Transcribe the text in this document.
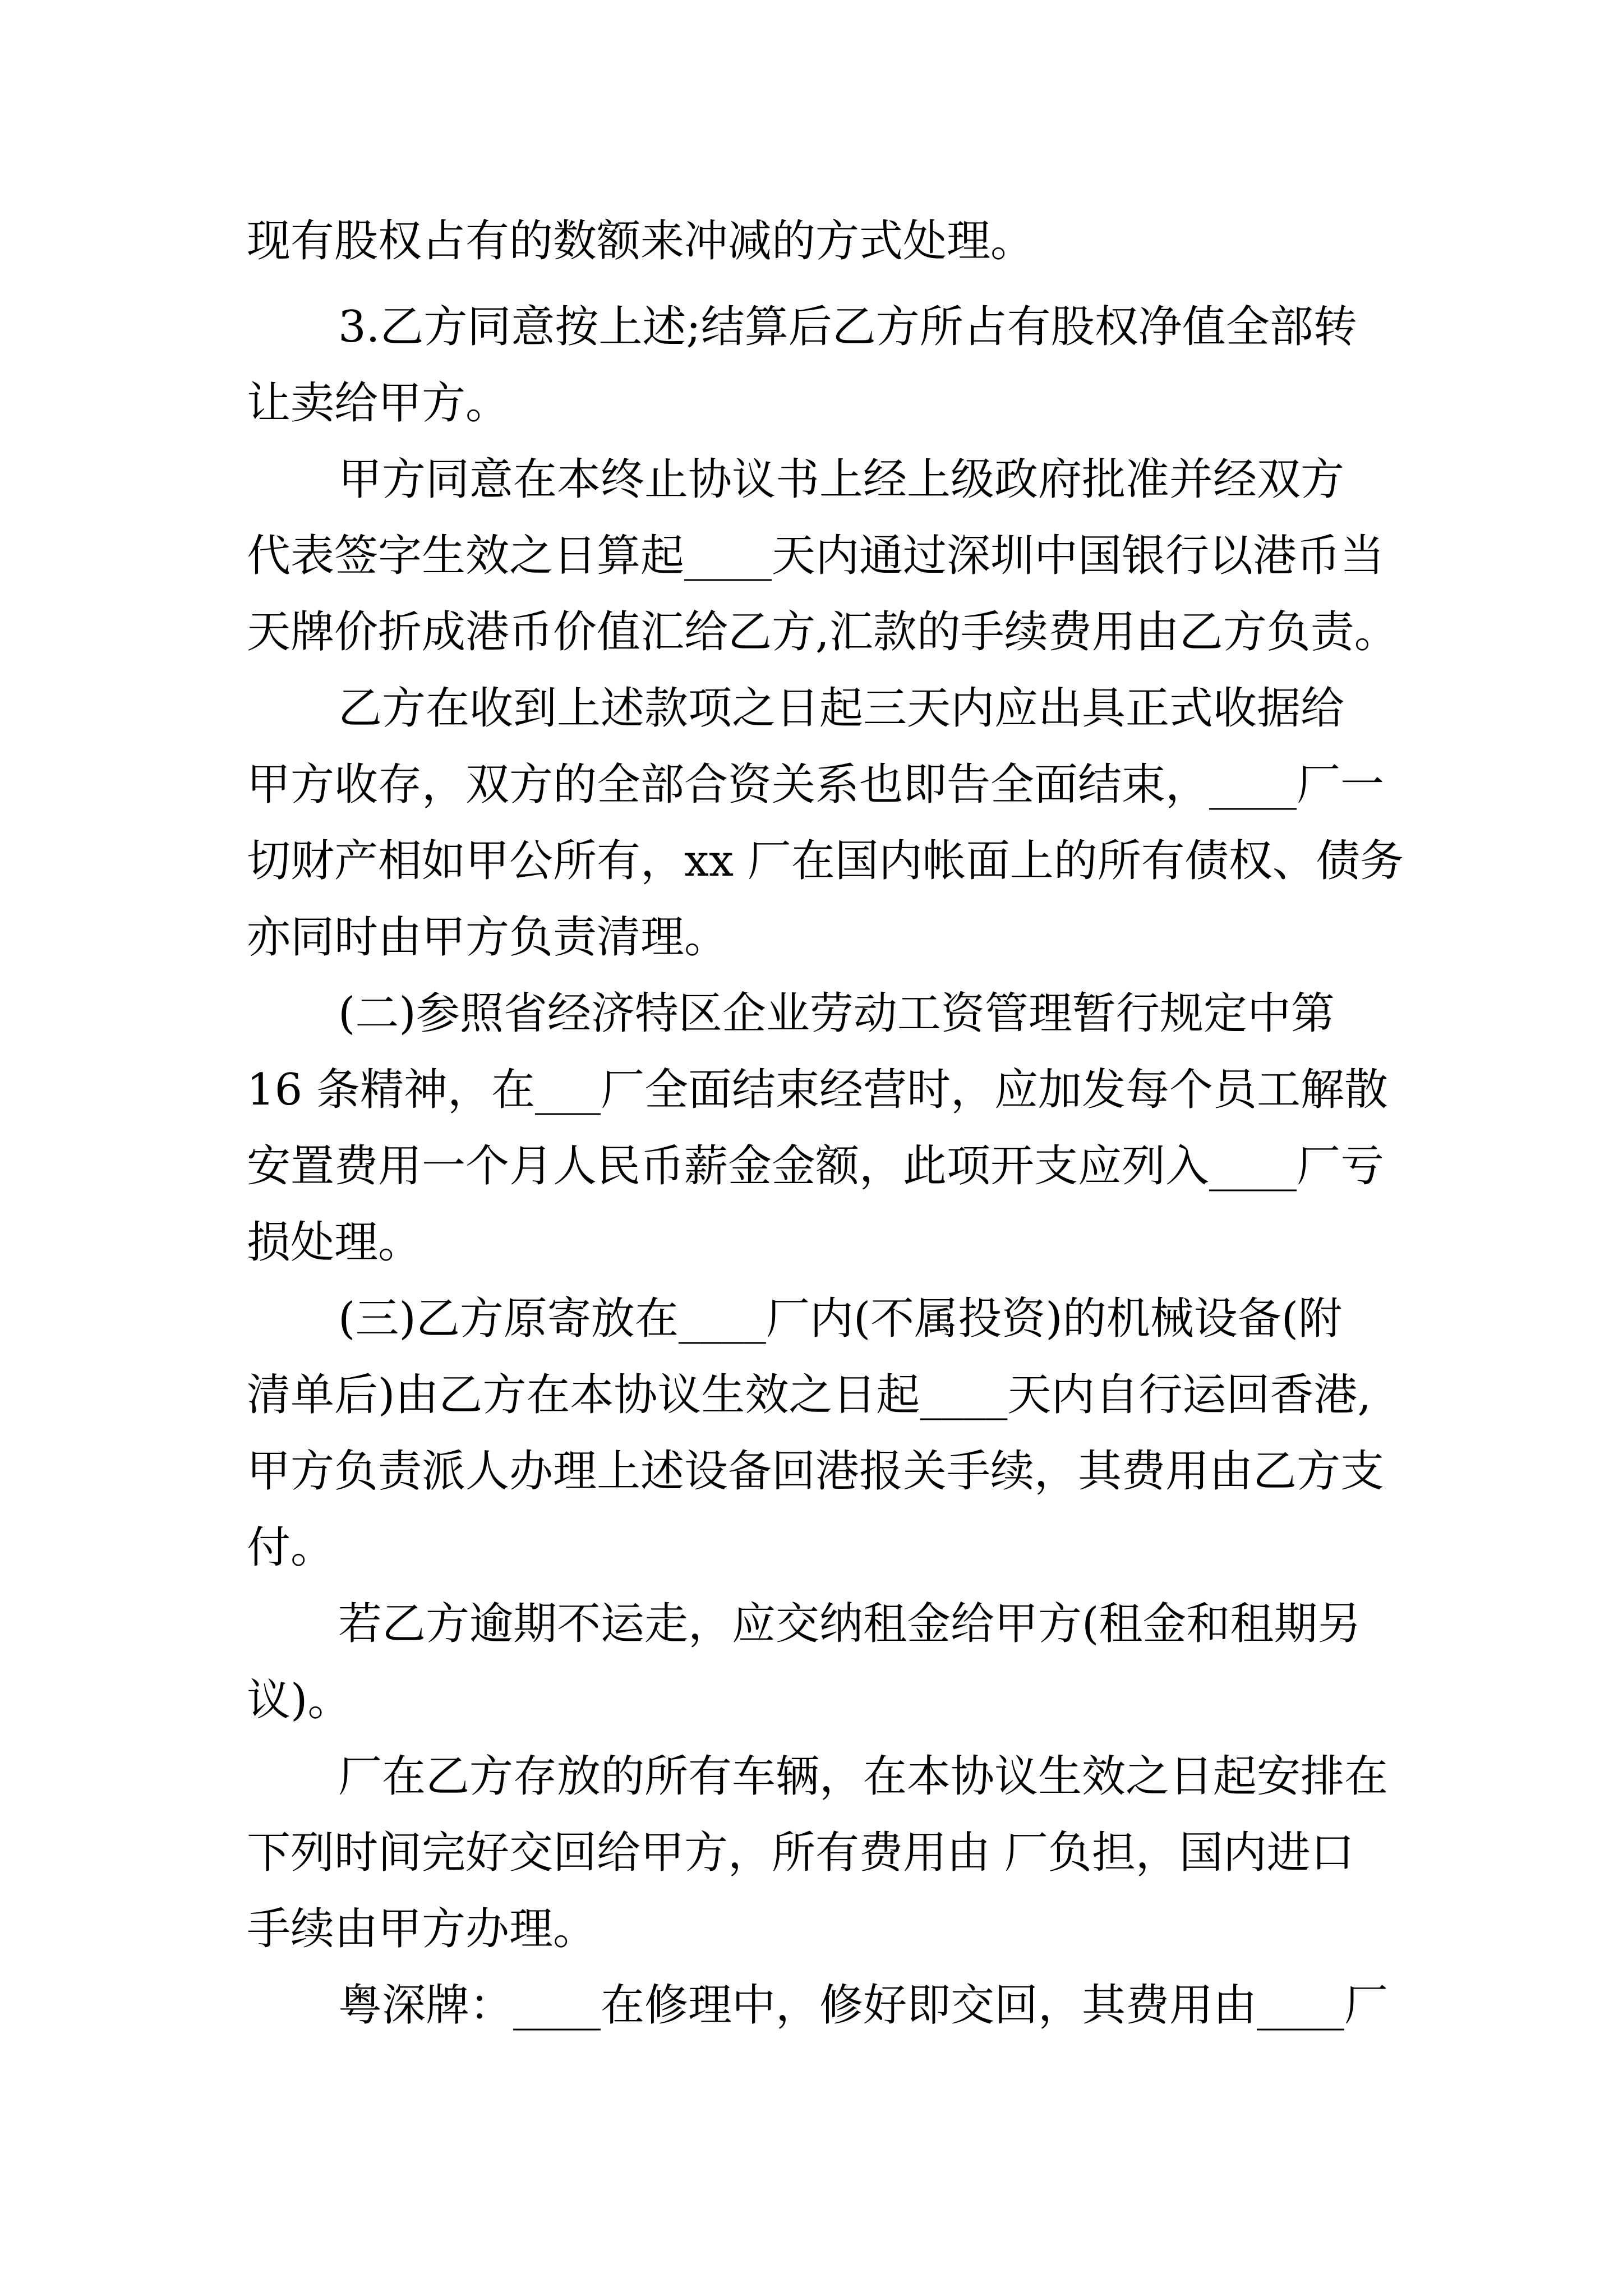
现有股权占有的数额来冲减的方式处理。

3.乙方同意按上述;结算后乙方所占有股权净值全部转

让卖给甲方。

甲方同意在本终止协议书上经上级政府批准并经双方

代表签字生效之日算起____天内通过深圳中国银行以港币当

天牌价折成港币价值汇给乙方,汇款的手续费用由乙方负责。

乙方在收到上述款项之日起三天内应出具正式收据给

甲方收存，双方的全部合资关系也即告全面结束，____厂一

切财产相如甲公所有，xx 厂在国内帐面上的所有债权、债务

亦同时由甲方负责清理。

(二)参照省经济特区企业劳动工资管理暂行规定中第

16 条精神，在___厂全面结束经营时，应加发每个员工解散

安置费用一个月人民币薪金金额，此项开支应列入____厂亏

损处理。

(三)乙方原寄放在____厂内(不属投资)的机械设备(附

清单后)由乙方在本协议生效之日起____天内自行运回香港,

甲方负责派人办理上述设备回港报关手续，其费用由乙方支

付。

若乙方逾期不运走，应交纳租金给甲方(租金和租期另

议)。

厂在乙方存放的所有车辆，在本协议生效之日起安排在

下列时间完好交回给甲方，所有费用由 厂负担，国内进口

手续由甲方办理。

粤深牌：____在修理中，修好即交回，其费用由____厂
